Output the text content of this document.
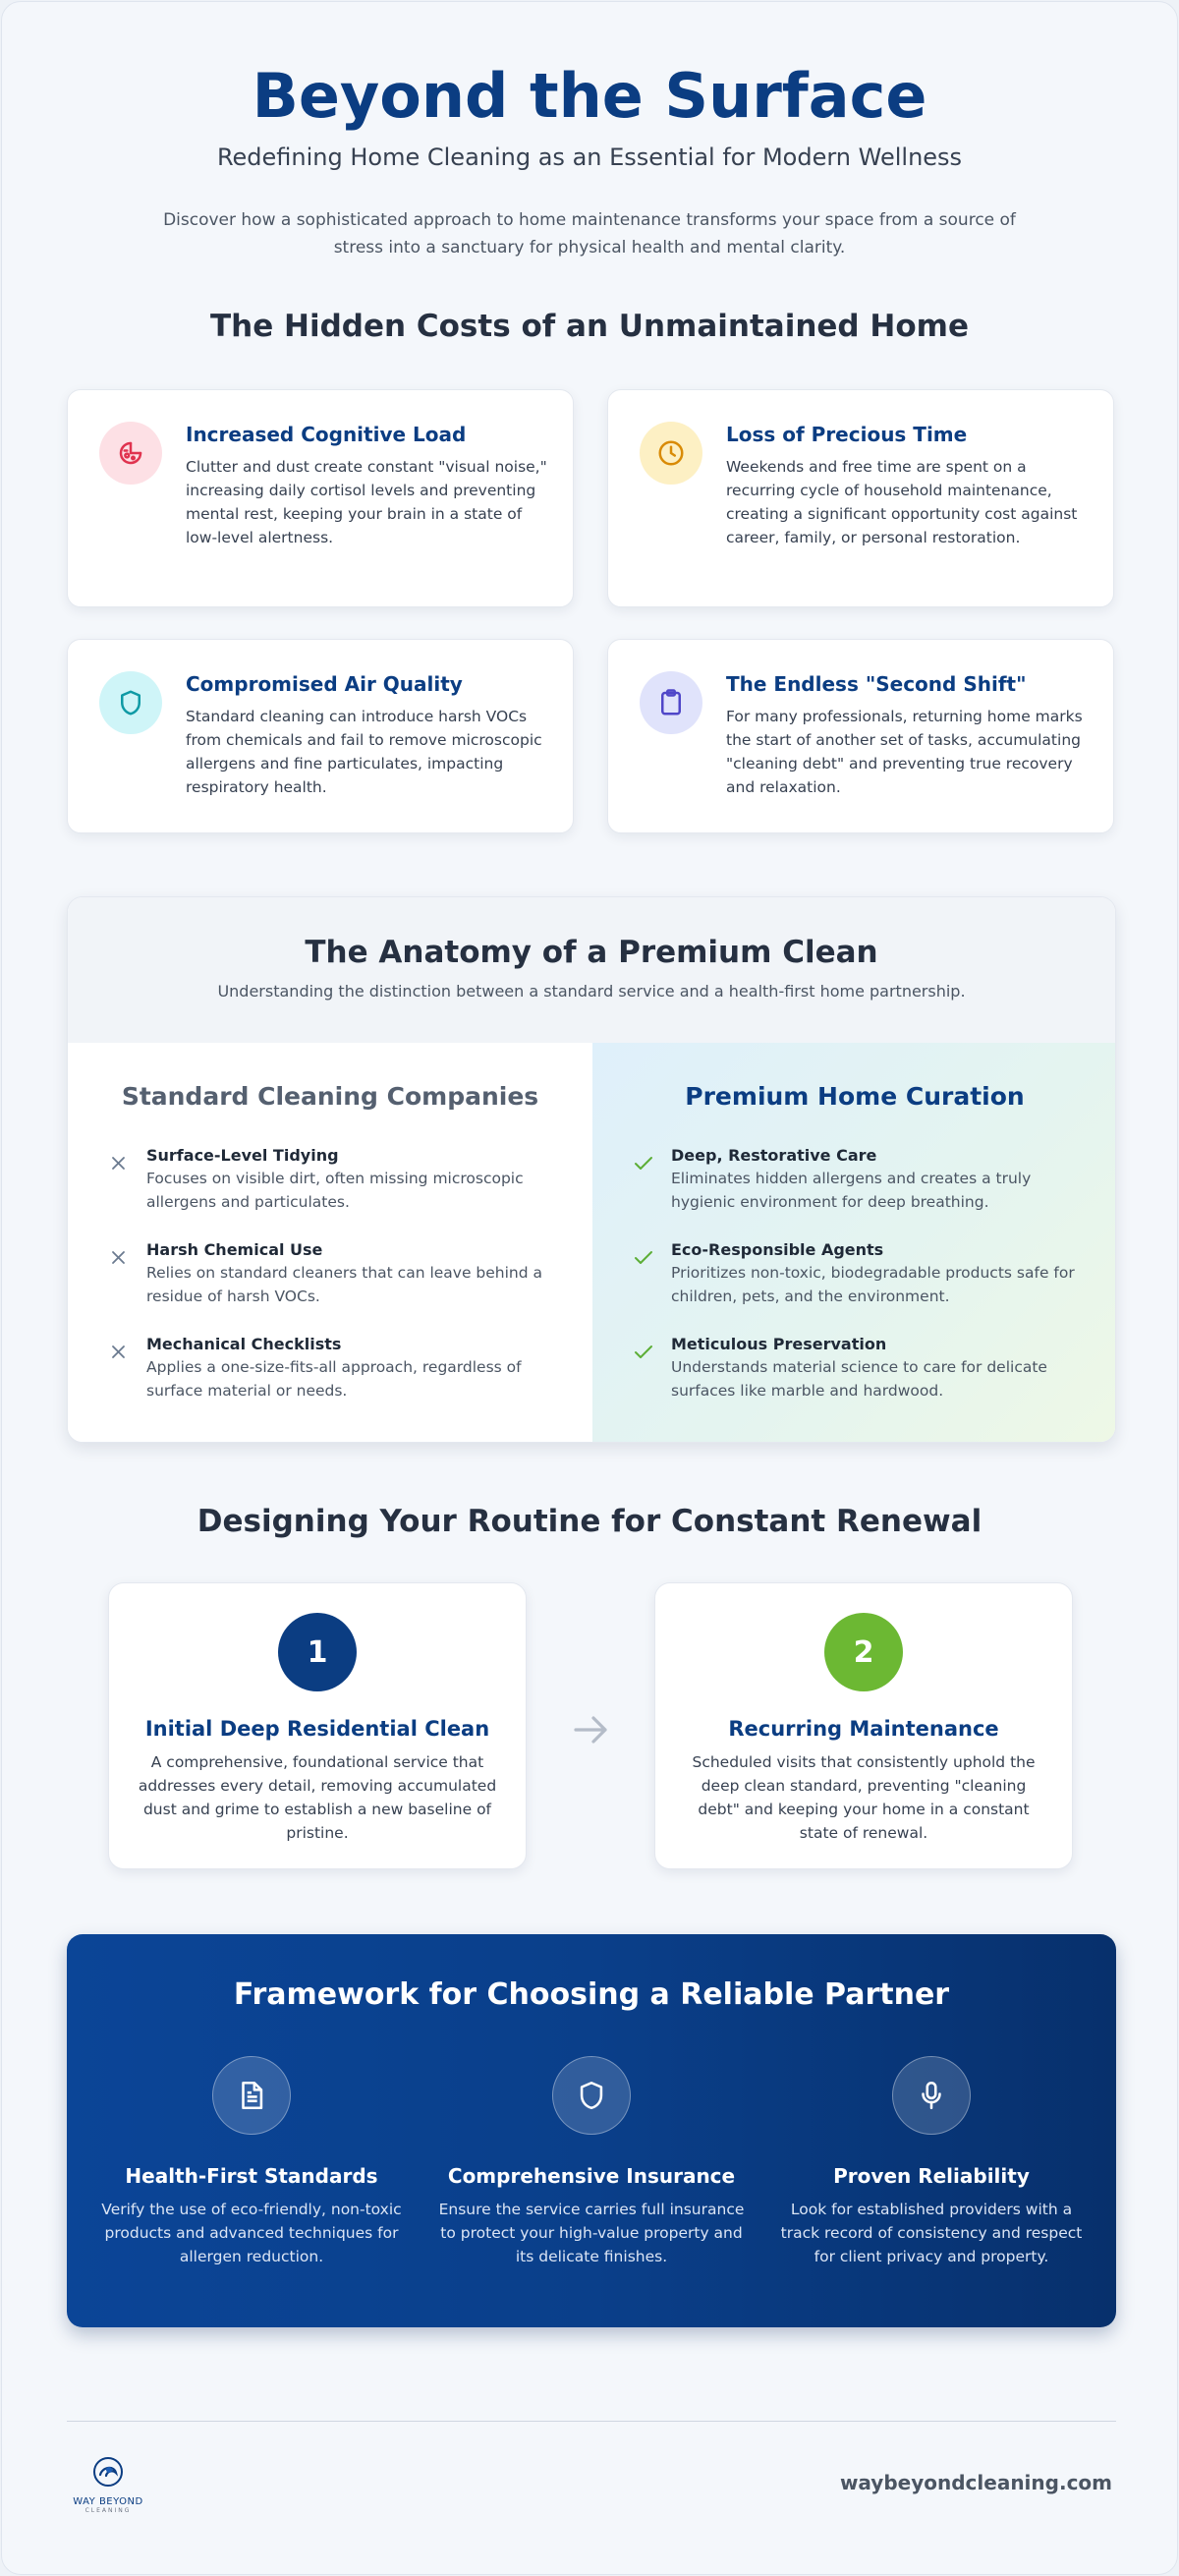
Beyond the Surface
Redefining Home Cleaning as an Essential for Modern Wellness
Discover how a sophisticated approach to home maintenance transforms your space from a source of stress into a sanctuary for physical health and mental clarity.
The Hidden Costs of an Unmaintained Home
Increased Cognitive Load

Clutter and dust create constant "visual noise," increasing daily cortisol levels and preventing mental rest, keeping your brain in a state of low-level alertness.

Loss of Precious Time

Weekends and free time are spent on a recurring cycle of household maintenance, creating a significant opportunity cost against career, family, or personal restoration.

Compromised Air Quality

Standard cleaning can introduce harsh VOCs from chemicals and fail to remove microscopic allergens and fine particulates, impacting respiratory health.

The Endless "Second Shift"

For many professionals, returning home marks the start of another set of tasks, accumulating "cleaning debt" and preventing true recovery and relaxation.

The Anatomy of a Premium Clean

Understanding the distinction between a standard service and a health-first home partnership.

Standard Cleaning Companies
Surface-Level Tidying

Focuses on visible dirt, often missing microscopic allergens and particulates.

Harsh Chemical Use

Relies on standard cleaners that can leave behind a residue of harsh VOCs.

Mechanical Checklists

Applies a one-size-fits-all approach, regardless of surface material or needs.

Premium Home Curation
Deep, Restorative Care

Eliminates hidden allergens and creates a truly hygienic environment for deep breathing.

Eco-Responsible Agents

Prioritizes non-toxic, biodegradable products safe for children, pets, and the environment.

Meticulous Preservation

Understands material science to care for delicate surfaces like marble and hardwood.

Designing Your Routine for Constant Renewal
1
Initial Deep Residential Clean

A comprehensive, foundational service that addresses every detail, removing accumulated dust and grime to establish a new baseline of pristine.

2
Recurring Maintenance

Scheduled visits that consistently uphold the deep clean standard, preventing "cleaning debt" and keeping your home in a constant state of renewal.

Framework for Choosing a Reliable Partner
Health-First Standards

Verify the use of eco-friendly, non-toxic products and advanced techniques for allergen reduction.

Comprehensive Insurance

Ensure the service carries full insurance to protect your high-value property and its delicate finishes.

Proven Reliability

Look for established providers with a track record of consistency and respect for client privacy and property.

WAY BEYOND
CLEANING
waybeyondcleaning.com
